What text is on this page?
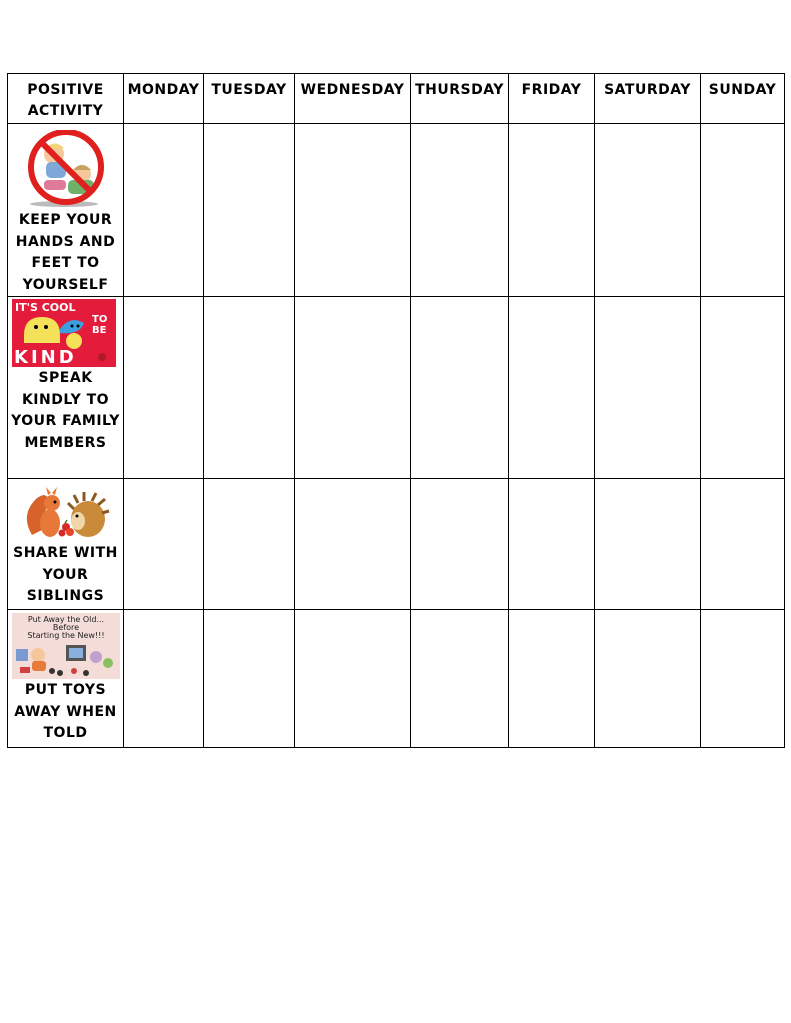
POSITIVE ACTIVITY	MONDAY	TUESDAY	WEDNESDAY	THURSDAY	FRIDAY	SATURDAY	SUNDAY

KEEP YOUR HANDS AND FEET TO YOURSELF							

IT'S COOL
TO
BE
KIND
SPEAK KINDLY TO YOUR FAMILY MEMBERS							

SHARE WITH YOUR SIBLINGS							

Put Away the Old...
Before
Starting the New!!!
PUT TOYS AWAY WHEN TOLD							
